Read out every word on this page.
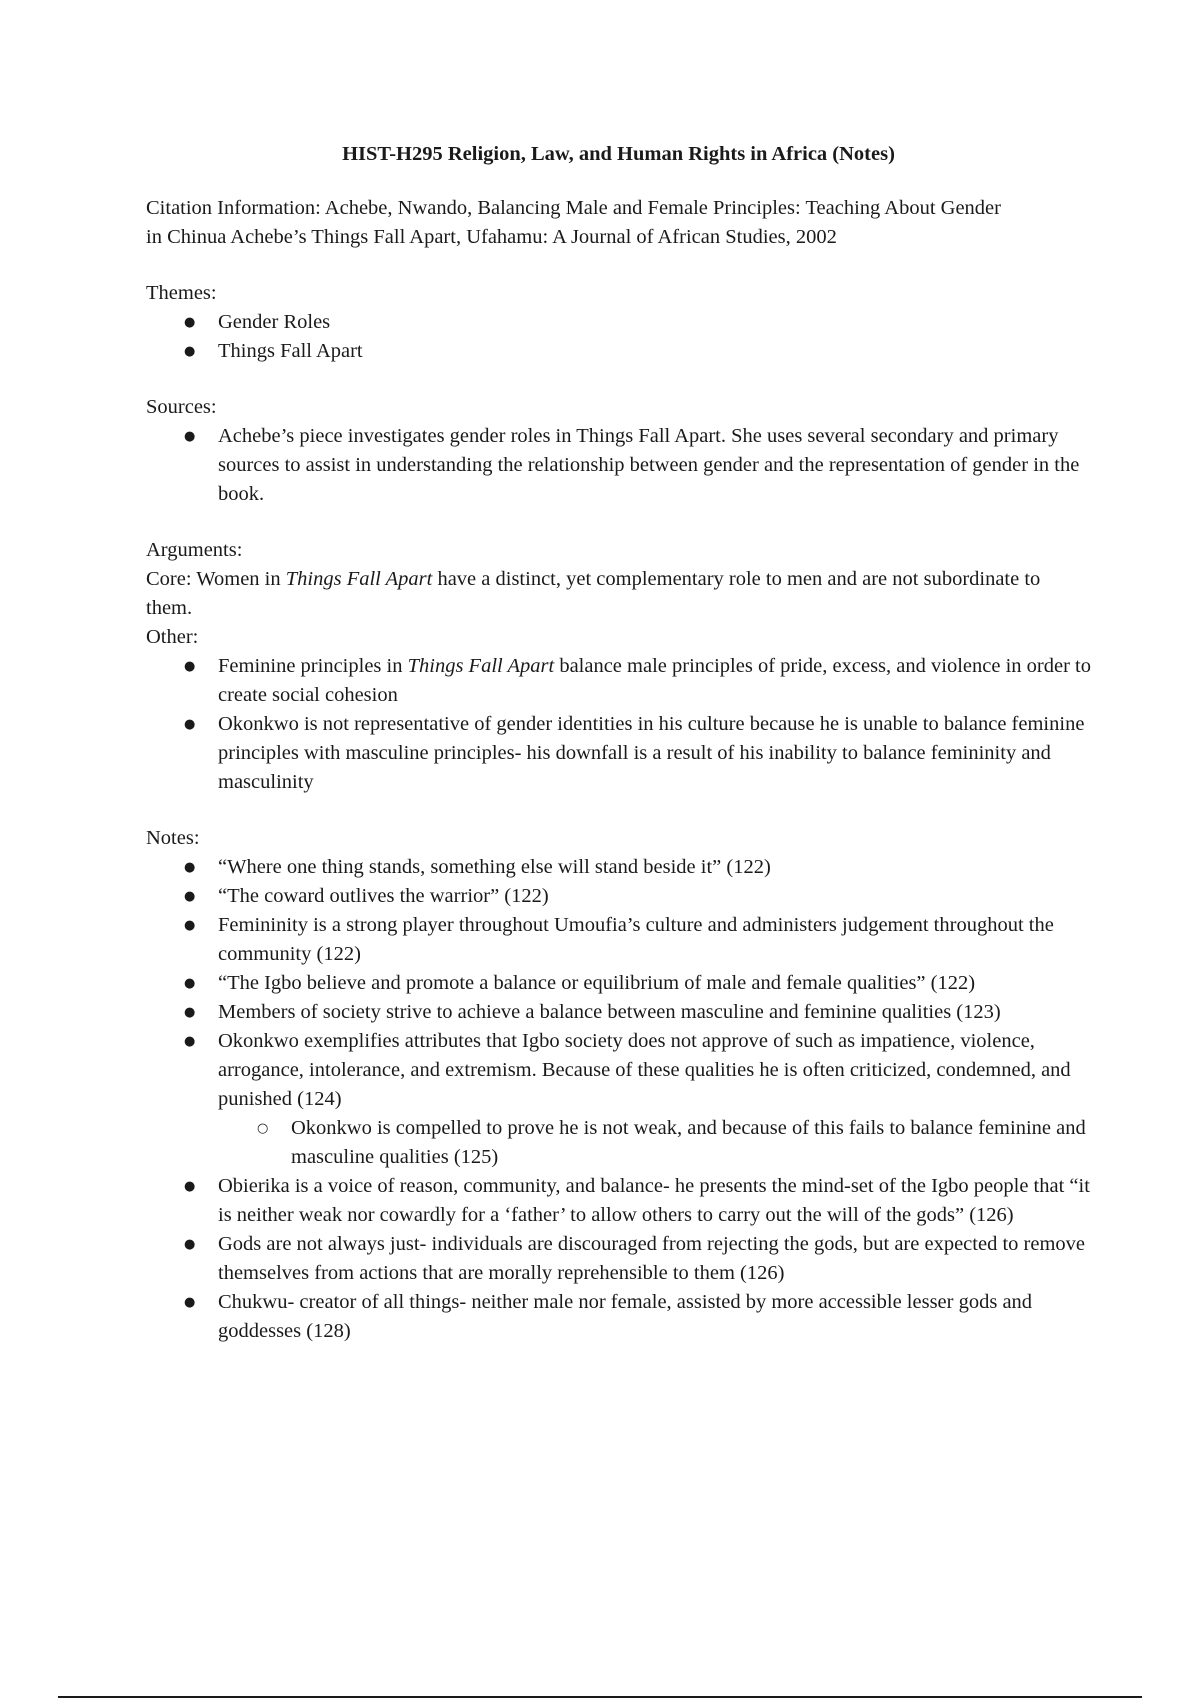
HIST-H295 Religion, Law, and Human Rights in Africa (Notes)

Citation Information: Achebe, Nwando, Balancing Male and Female Principles: Teaching About Gender

in Chinua Achebe’s Things Fall Apart, Ufahamu: A Journal of African Studies, 2002

Themes:

● Gender Roles
● Things Fall Apart

Sources:

● Achebe’s piece investigates gender roles in Things Fall Apart. She uses several secondary and primary sources to assist in understanding the relationship between gender and the representation of gender in the book.

Arguments:

Core: Women in Things Fall Apart have a distinct, yet complementary role to men and are not subordinate to them.

Other:

● Feminine principles in Things Fall Apart balance male principles of pride, excess, and violence in order to create social cohesion
● Okonkwo is not representative of gender identities in his culture because he is unable to balance feminine principles with masculine principles- his downfall is a result of his inability to balance femininity and masculinity

Notes:

● “Where one thing stands, something else will stand beside it” (122)
● “The coward outlives the warrior” (122)
● Femininity is a strong player throughout Umoufia’s culture and administers judgement throughout the community (122)
● “The Igbo believe and promote a balance or equilibrium of male and female qualities” (122)
● Members of society strive to achieve a balance between masculine and feminine qualities (123)
● Okonkwo exemplifies attributes that Igbo society does not approve of such as impatience, violence, arrogance, intolerance, and extremism. Because of these qualities he is often criticized, condemned, and punished (124)
○ Okonkwo is compelled to prove he is not weak, and because of this fails to balance feminine and masculine qualities (125)
● Obierika is a voice of reason, community, and balance- he presents the mind-set of the Igbo people that “it is neither weak nor cowardly for a ‘father’ to allow others to carry out the will of the gods” (126)
● Gods are not always just- individuals are discouraged from rejecting the gods, but are expected to remove themselves from actions that are morally reprehensible to them (126)
● Chukwu- creator of all things- neither male nor female, assisted by more accessible lesser gods and goddesses (128)
